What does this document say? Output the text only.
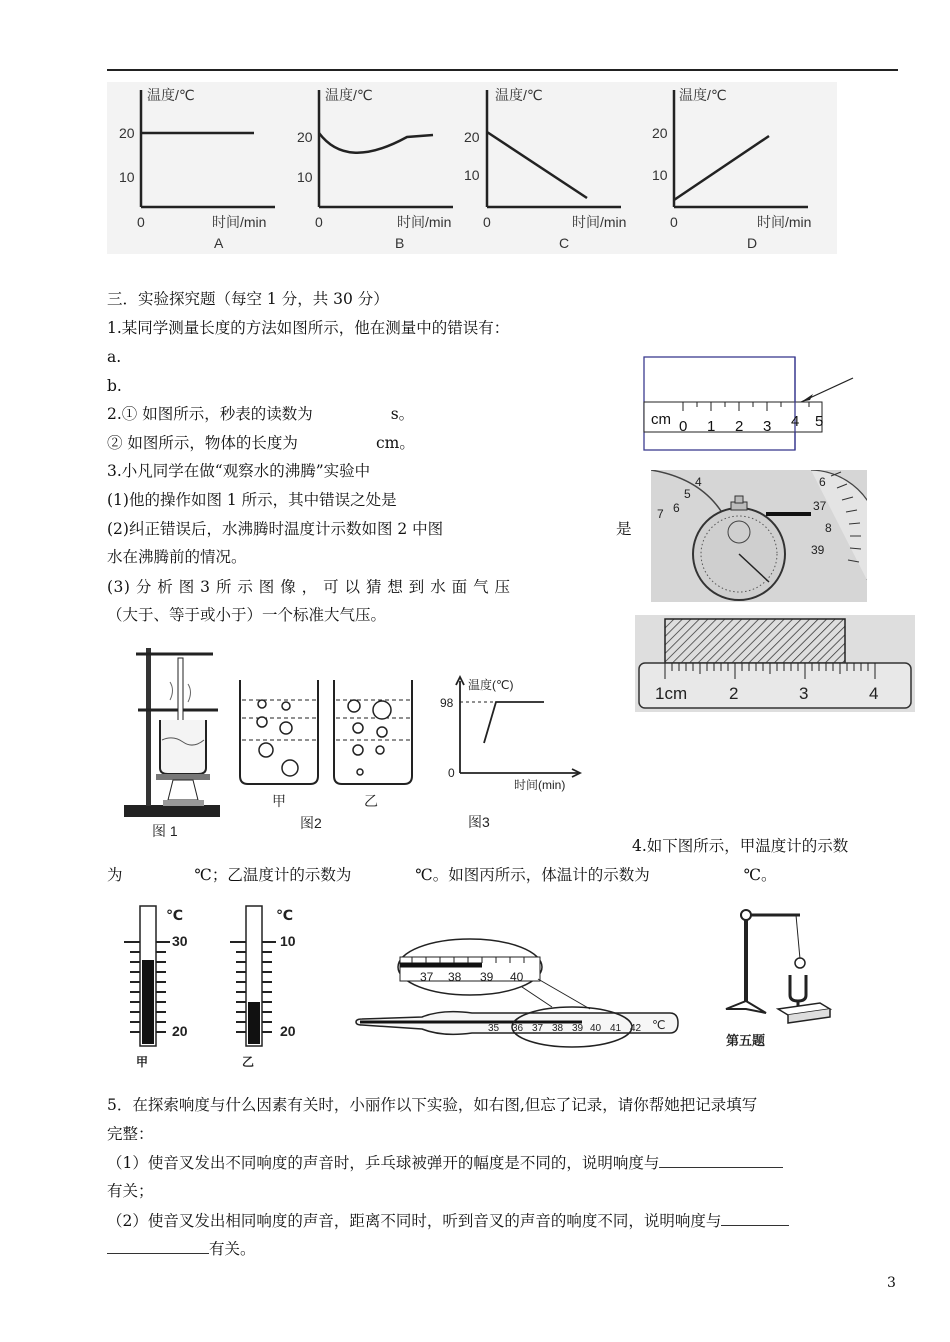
温度/℃
20
10
0	时间/min
A
温度/℃
20
10
0	时间/min
B
温度/℃
20
10
0	时间/min
C
温度/℃
20
10
0	时间/min
D
三．实验探究题（每空 1 分，共 30 分）
1.某同学测量长度的方法如图所示，他在测量中的错误有：
a.
b.
2.① 如图所示，秒表的读数为	s。
② 如图所示，物体的长度为	cm。
3.小凡同学在做“观察水的沸腾”实验中
(1)他的操作如图 1 所示，其中错误之处是
(2)纠正错误后，水沸腾时温度计示数如图 2 中图	是
水在沸腾前的情况。
(3) 分 析 图 3 所 示 图 像 ， 可 以 猜 想 到 水 面 气 压
（大于、等于或小于）一个标准大气压。
cm 0 1 2 3 4 5
4
5
6
7
6
37
8
39
1cm 2	3	4
图 1
甲	乙
图2
温度(℃)
98
0
时间(min)
图3
4.如下图所示，甲温度计的示数
为	℃；乙温度计的示数为	℃。如图丙所示，体温计的示数为	℃。
℃
30
20
甲
℃
10
20
乙
37 38 39 40
35 36 37 38 39 40 41 42 ℃
第五题
5．在探索响度与什么因素有关时，小丽作以下实验，如右图,但忘了记录，请你帮她把记录填写
完整：
（1）使音叉发出不同响度的声音时，乒乓球被弹开的幅度是不同的，说明响度与
有关；
（2）使音叉发出相同响度的声音，距离不同时，听到音叉的声音的响度不同，说明响度与
有关。
3
